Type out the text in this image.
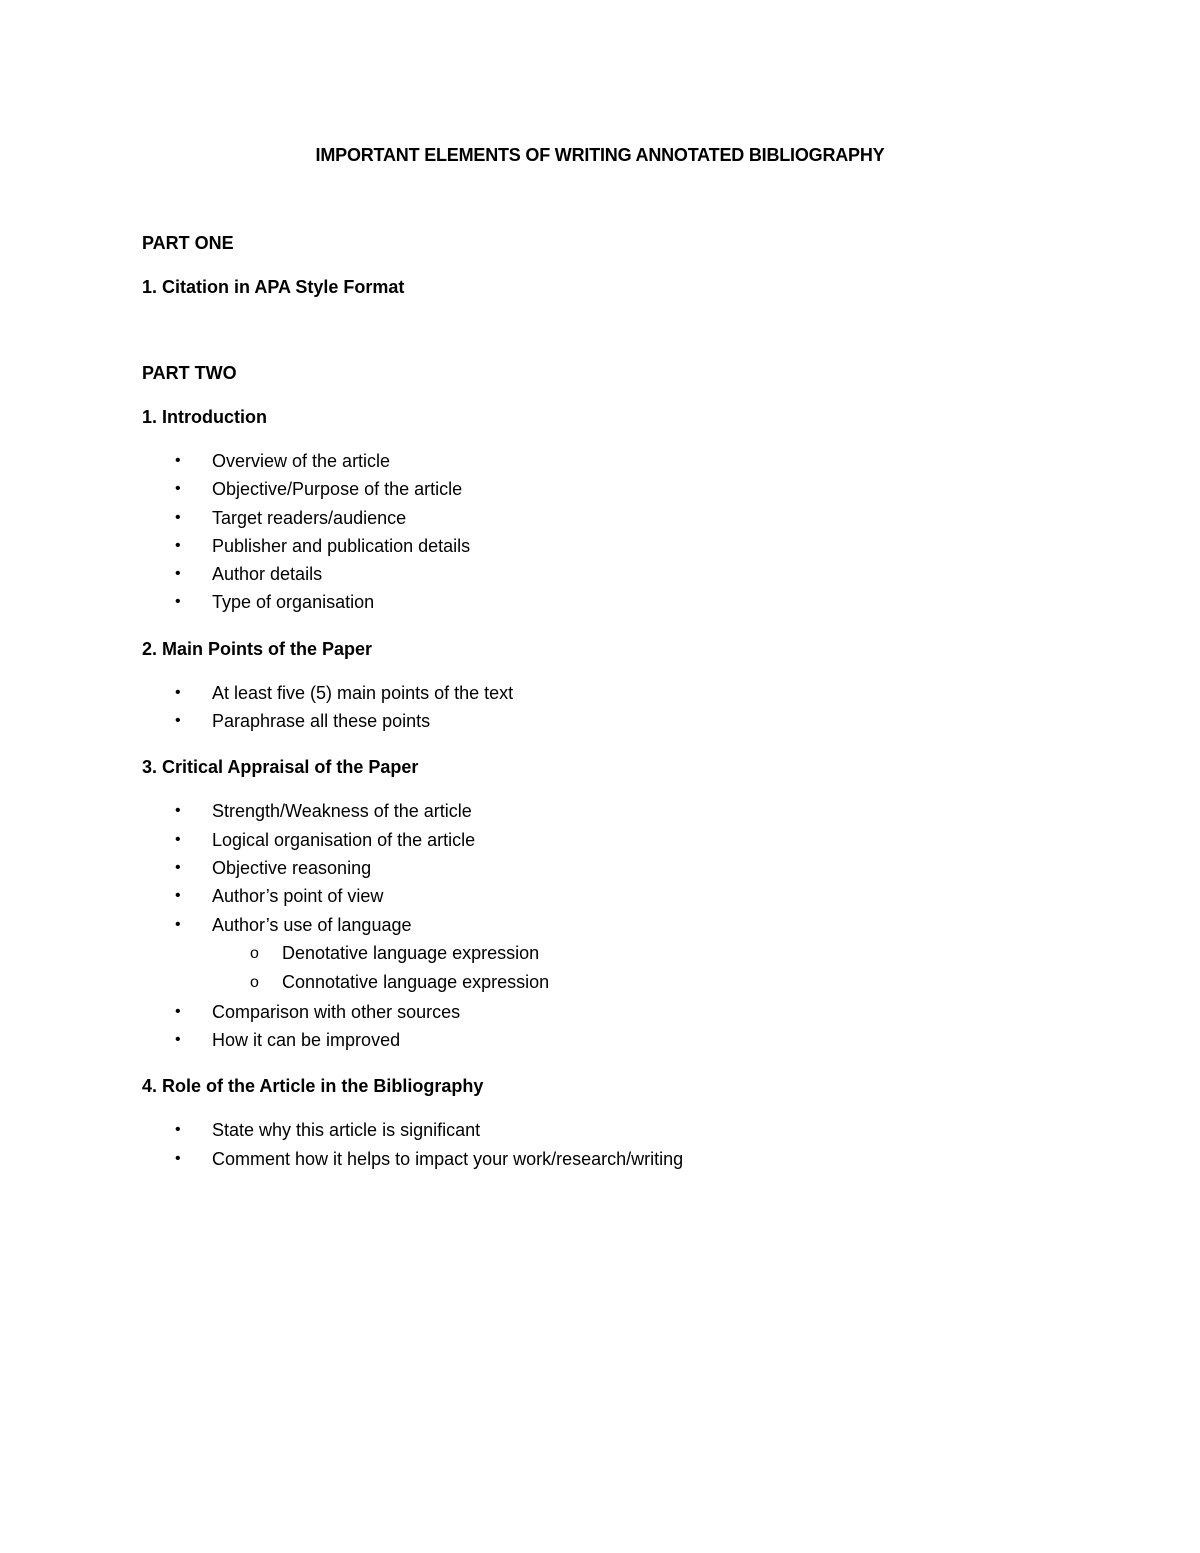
IMPORTANT ELEMENTS OF WRITING ANNOTATED BIBLIOGRAPHY
PART ONE
1. Citation in APA Style Format
PART TWO
1. Introduction
• Overview of the article
• Objective/Purpose of the article
• Target readers/audience
• Publisher and publication details
• Author details
• Type of organisation
2. Main Points of the Paper
• At least five (5) main points of the text
• Paraphrase all these points
3. Critical Appraisal of the Paper
• Strength/Weakness of the article
• Logical organisation of the article
• Objective reasoning
• Author’s point of view
• Author’s use of language
o Denotative language expression
o Connotative language expression
• Comparison with other sources
• How it can be improved
4. Role of the Article in the Bibliography
• State why this article is significant
• Comment how it helps to impact your work/research/writing
